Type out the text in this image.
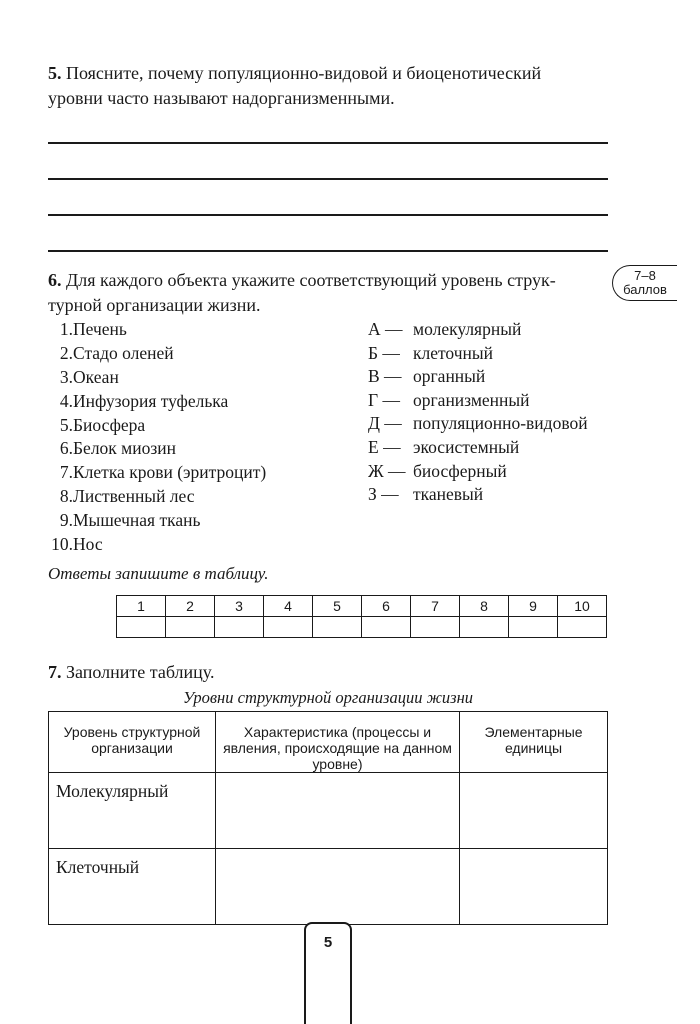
5. Поясните, почему популяционно-видовой и биоценотический
уровни часто называют надорганизменными.
6. Для каждого объекта укажите соответствующий уровень струк-
турной организации жизни.
7–8
баллов
1. Печень
2. Стадо оленей
3. Океан
4. Инфузория туфелька
5. Биосфера
6. Белок миозин
7. Клетка крови (эритроцит)
8. Лиственный лес
9. Мышечная ткань
10. Нос
А — молекулярный
Б — клеточный
В — органный
Г — организменный
Д — популяционно-видовой
Е — экосистемный
Ж — биосферный
З — тканевый
Ответы запишите в таблицу.
1	2	3	4	5	6	7	8	9	10

7. Заполните таблицу.
Уровни структурной организации жизни
Уровень структурной организации	Характеристика (процессы и явления, происходящие на данном уровне)	Элементарные единицы
Молекулярный		
Клеточный		
5
